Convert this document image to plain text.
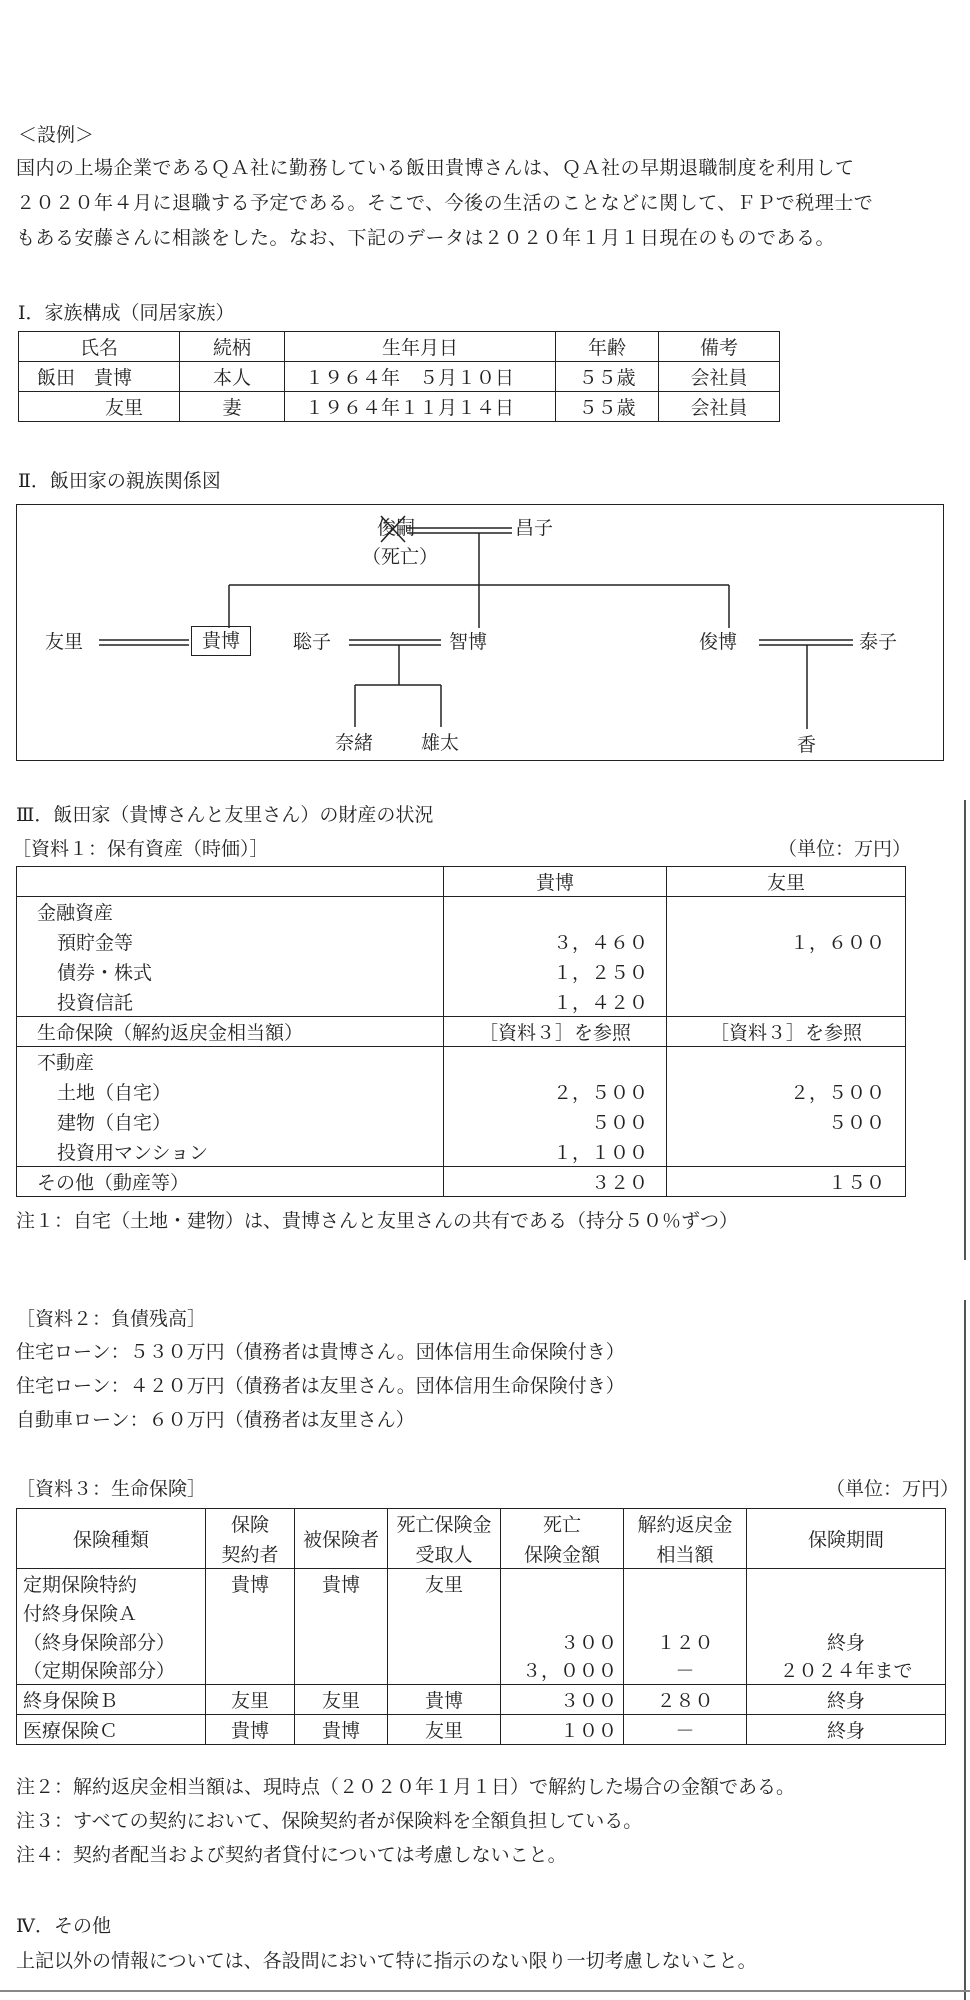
＜設例＞
国内の上場企業であるＱＡ社に勤務している飯田貴博さんは、ＱＡ社の早期退職制度を利用して
２０２０年４月に退職する予定である。そこで、今後の生活のことなどに関して、ＦＰで税理士で
もある安藤さんに相談をした。なお、下記のデータは２０２０年１月１日現在のものである。
Ⅰ．家族構成（同居家族）
氏名	続柄	生年月日	年齢	備考
飯田　貴博	本人	１９６４年　５月１０日	５５歳	会社員
友里	妻	１９６４年１１月１４日	５５歳	会社員
Ⅱ．飯田家の親族関係図
俊嗣
（死亡）
昌子
友里	貴博	聡子	智博	俊博	泰子
奈緒	雄太	香
Ⅲ．飯田家（貴博さんと友里さん）の財産の状況
［資料１：保有資産（時価）］	（単位：万円）
	貴博	友里
金融資産		
預貯金等	３，４６０	１，６００
債券・株式	１，２５０	
投資信託	１，４２０	
生命保険（解約返戻金相当額）	［資料３］を参照	［資料３］を参照
不動産		
土地（自宅）	２，５００	２，５００
建物（自宅）	５００	５００
投資用マンション	１，１００	
その他（動産等）	３２０	１５０
注１：自宅（土地・建物）は、貴博さんと友里さんの共有である（持分５０％ずつ）
［資料２：負債残高］
住宅ローン：５３０万円（債務者は貴博さん。団体信用生命保険付き）
住宅ローン：４２０万円（債務者は友里さん。団体信用生命保険付き）
自動車ローン：６０万円（債務者は友里さん）
［資料３：生命保険］	（単位：万円）
保険種類	保険	被保険者	死亡保険金	死亡	解約返戻金	保険期間
	契約者		受取人	保険金額	相当額	
定期保険特約	貴博	貴博	友里			
付終身保険Ａ						
（終身保険部分）				３００	１２０	終身
（定期保険部分）				３，０００	－	２０２４年まで
終身保険Ｂ	友里	友里	貴博	３００	２８０	終身
医療保険Ｃ	貴博	貴博	友里	１００	－	終身
注２：解約返戻金相当額は、現時点（２０２０年１月１日）で解約した場合の金額である。
注３：すべての契約において、保険契約者が保険料を全額負担している。
注４：契約者配当および契約者貸付については考慮しないこと。
Ⅳ．その他
上記以外の情報については、各設問において特に指示のない限り一切考慮しないこと。
